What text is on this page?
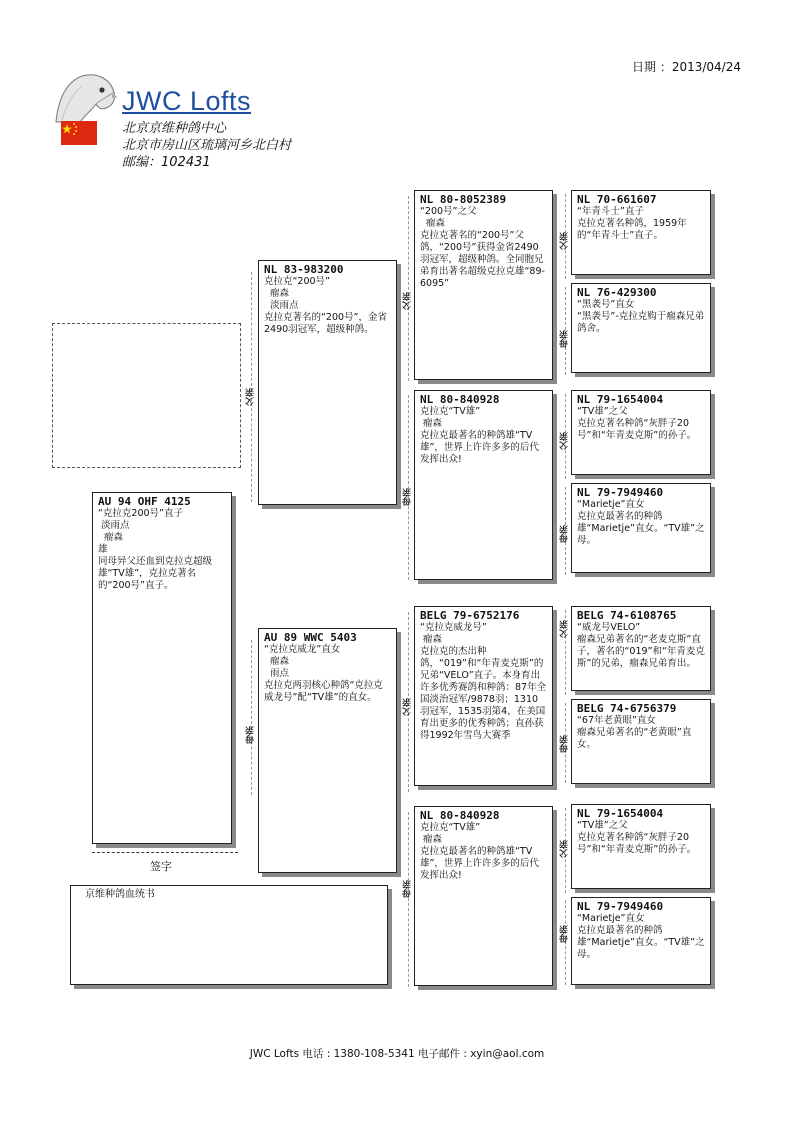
日期 ：2013/04/24
JWC Lofts
北京京维种鸽中心
北京市房山区琉璃河乡北白村
邮编：102431
签字
京维种鸽血统书
AU 94 OHF 4125
“克拉克200号”直子
淡雨点
瘤森
雄
同母异父还血到克拉克超级雄“TV雄”，克拉克著名的“200号”直子。
父亲
母亲
NL 83-983200
克拉克“200号”
瘤森
淡雨点
克拉克著名的“200号”，金省2490羽冠军，超级种鸽。
AU 89 WWC 5403
“克拉克威龙”直女
瘤森
雨点
克拉克两羽核心种鸽“克拉克威龙号”配“TV雄”的直女。
父亲
母亲
父亲
母亲
NL 80-8052389
“200号”之父
瘤森
克拉克著名的“200号”父鸽，“200号”获得金省2490羽冠军，超级种鸽。全同胞兄弟育出著名超级克拉克雄“89-6095”
NL 80-840928
克拉克“TV雄”
瘤森
克拉克最著名的种鸽雄“TV雄”，世界上许许多多的后代发挥出众!
BELG 79-6752176
“克拉克威龙号”
瘤森
克拉克的杰出种鸽，“019”和“年青麦克斯”的兄弟“VELO”直子。本身育出许多优秀赛鸽和种鸽：87年全国淡治冠军/9878羽；1310羽冠军，1535羽第4，在美国育出更多的优秀种鸽；直孙获得1992年雪鸟大赛季
NL 80-840928
克拉克“TV雄”
瘤森
克拉克最著名的种鸽雄“TV雄”，世界上许许多多的后代发挥出众!
父亲
母亲
父亲
母亲
父亲
母亲
父亲
母亲
NL 70-661607
“年青斗士”直子
克拉克著名种鸽，1959年的“年青斗士”直子。
NL 76-429300
“黑袭号”直女
“黑袭号”-克拉克购于瘤森兄弟鸽舍。
NL 79-1654004
“TV雄”之父
克拉克著名种鸽“灰胖子20号”和“年青麦克斯”的孙子。
NL 79-7949460
“Marietje”直女
克拉克最著名的种鸽雄“Marietje”直女。“TV雄”之母。
BELG 74-6108765
“威龙号VELO”
瘤森兄弟著名的“老麦克斯”直子，著名的“019”和“年青麦克斯”的兄弟，瘤森兄弟育出。
BELG 74-6756379
“67年老黄眼”直女
瘤森兄弟著名的“老黄眼”直女。
NL 79-1654004
“TV雄”之父
克拉克著名种鸽“灰胖子20号”和“年青麦克斯”的孙子。
NL 79-7949460
“Marietje”直女
克拉克最著名的种鸽雄“Marietje”直女。“TV雄”之母。
JWC Lofts 电话 : 1380-108-5341 电子邮件 : xyin@aol.com
